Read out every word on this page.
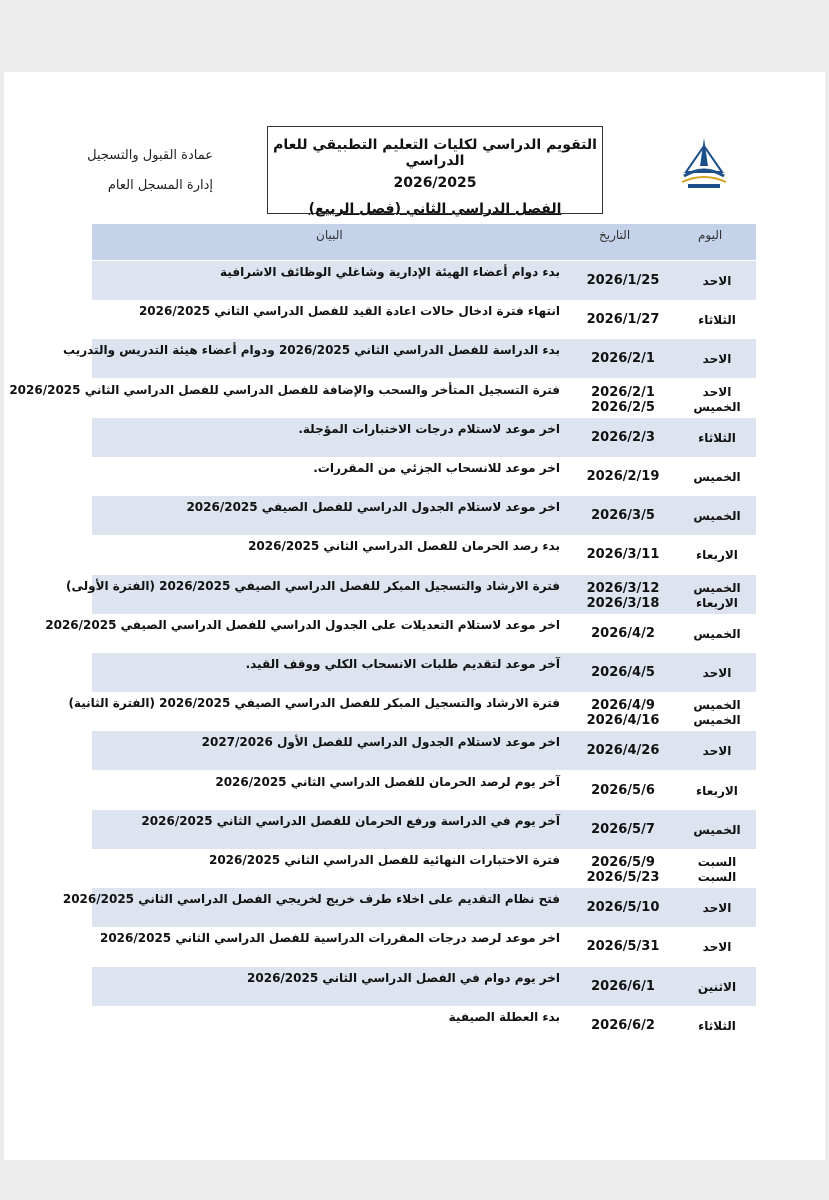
عمادة القبول والتسجيل
إدارة المسجل العام
التقويم الدراسي لكليات التعليم التطبيقي للعام الدراسي
2026/2025
الفصل الدراسي الثاني (فصل الربيع)
اليوم
التاريخ
البيان
الاحد
2026/1/25
بدء دوام أعضاء الهيئة الإدارية وشاغلي الوظائف الاشرافية
الثلاثاء
2026/1/27
انتهاء فترة ادخال حالات اعادة القيد للفصل الدراسي الثاني 2026/2025
الاحد
2026/2/1
بدء الدراسة للفصل الدراسي الثاني 2026/2025 ودوام أعضاء هيئة التدريس والتدريب
الاحد
الخميس
2026/2/1
2026/2/5
فترة التسجيل المتأخر والسحب والإضافة للفصل الدراسي للفصل الدراسي الثاني 2026/2025
الثلاثاء
2026/2/3
اخر موعد لاستلام درجات الاختبارات المؤجلة.
الخميس
2026/2/19
اخر موعد للانسحاب الجزئي من المقررات.
الخميس
2026/3/5
اخر موعد لاستلام الجدول الدراسي للفصل الصيفي 2026/2025
الاربعاء
2026/3/11
بدء رصد الحرمان للفصل الدراسي الثاني 2026/2025
الخميس
الاربعاء
2026/3/12
2026/3/18
فترة الارشاد والتسجيل المبكر للفصل الدراسي الصيفي 2026/2025 (الفترة الأولى)
الخميس
2026/4/2
اخر موعد لاستلام التعديلات على الجدول الدراسي للفصل الدراسي الصيفي 2026/2025
الاحد
2026/4/5
آخر موعد لتقديم طلبات الانسحاب الكلي ووقف القيد.
الخميس
الخميس
2026/4/9
2026/4/16
فترة الارشاد والتسجيل المبكر للفصل الدراسي الصيفي 2026/2025 (الفترة الثانية)
الاحد
2026/4/26
اخر موعد لاستلام الجدول الدراسي للفصل الأول 2027/2026
الاربعاء
2026/5/6
آخر يوم لرصد الحرمان للفصل الدراسي الثاني 2026/2025
الخميس
2026/5/7
آخر يوم في الدراسة ورفع الحرمان للفصل الدراسي الثاني 2026/2025
السبت
السبت
2026/5/9
2026/5/23
فترة الاختبارات النهائية للفصل الدراسي الثاني 2026/2025
الاحد
2026/5/10
فتح نظام التقديم على اخلاء طرف خريج لخريجي الفصل الدراسي الثاني 2026/2025
الاحد
2026/5/31
اخر موعد لرصد درجات المقررات الدراسية للفصل الدراسي الثاني 2026/2025
الاثنين
2026/6/1
اخر يوم دوام في الفصل الدراسي الثاني 2026/2025
الثلاثاء
2026/6/2
بدء العطلة الصيفية
